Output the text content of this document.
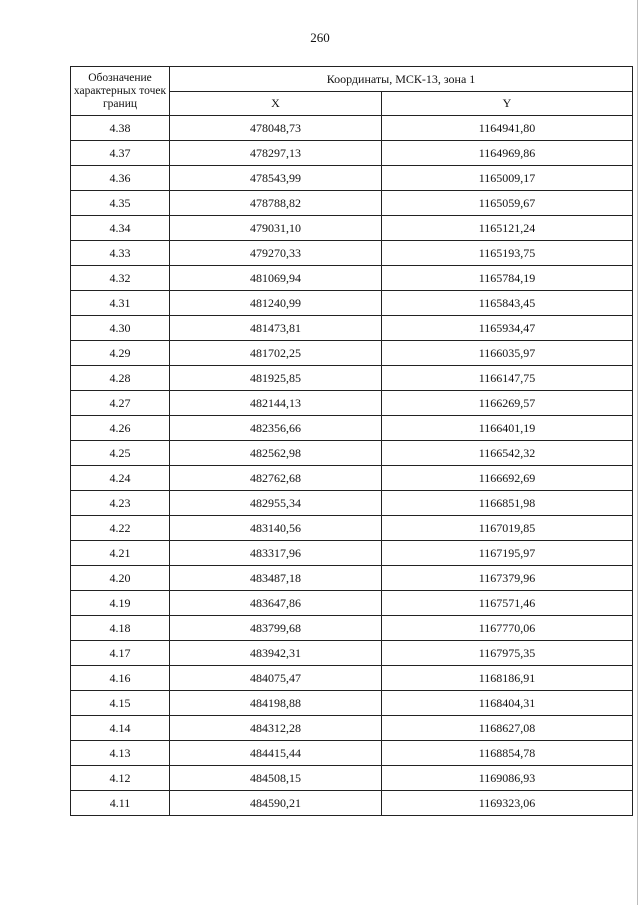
260
Обозначение характерных точек границ	Координаты, МСК-13, зона 1	
	X	Y
4.38	478048,73	1164941,80
4.37	478297,13	1164969,86
4.36	478543,99	1165009,17
4.35	478788,82	1165059,67
4.34	479031,10	1165121,24
4.33	479270,33	1165193,75
4.32	481069,94	1165784,19
4.31	481240,99	1165843,45
4.30	481473,81	1165934,47
4.29	481702,25	1166035,97
4.28	481925,85	1166147,75
4.27	482144,13	1166269,57
4.26	482356,66	1166401,19
4.25	482562,98	1166542,32
4.24	482762,68	1166692,69
4.23	482955,34	1166851,98
4.22	483140,56	1167019,85
4.21	483317,96	1167195,97
4.20	483487,18	1167379,96
4.19	483647,86	1167571,46
4.18	483799,68	1167770,06
4.17	483942,31	1167975,35
4.16	484075,47	1168186,91
4.15	484198,88	1168404,31
4.14	484312,28	1168627,08
4.13	484415,44	1168854,78
4.12	484508,15	1169086,93
4.11	484590,21	1169323,06
